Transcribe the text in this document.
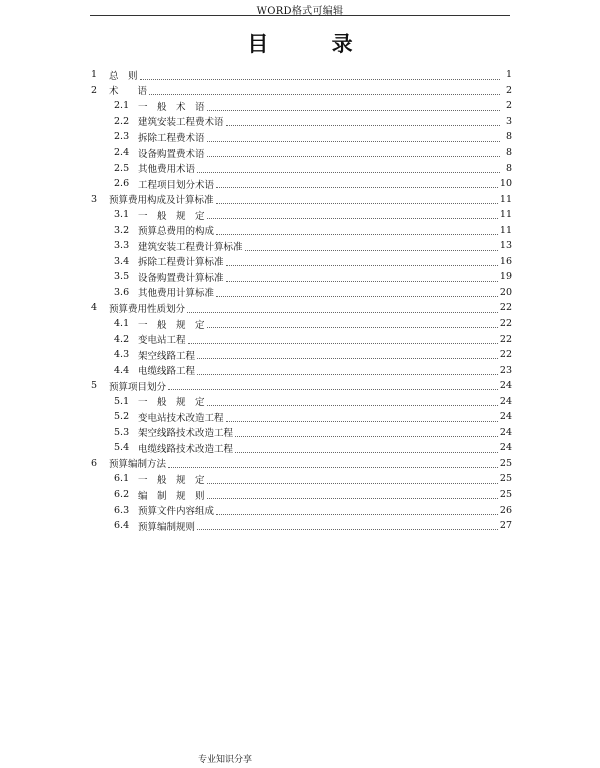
WORD格式可编辑
目 录
1	总　则	1
2	术　　语	2
2.1 一　般　术　语	2
2.2 建筑安装工程费术语	3
2.3 拆除工程费术语	8
2.4 设备购置费术语	8
2.5 其他费用术语	8
2.6 工程项目划分术语	10
3	预算费用构成及计算标准	11
3.1 一　般　规　定	11
3.2 预算总费用的构成	11
3.3 建筑安装工程费计算标准	13
3.4 拆除工程费计算标准	16
3.5 设备购置费计算标准	19
3.6 其他费用计算标准	20
4	预算费用性质划分	22
4.1 一　般　规　定	22
4.2 变电站工程	22
4.3 架空线路工程	22
4.4 电缆线路工程	23
5	预算项目划分	24
5.1 一　般　规　定	24
5.2 变电站技术改造工程	24
5.3 架空线路技术改造工程	24
5.4 电缆线路技术改造工程	24
6	预算编制方法	25
6.1 一　般　规　定	25
6.2 编　制　规　则	25
6.3 预算文件内容组成	26
6.4 预算编制规则	27
专业知识分享
